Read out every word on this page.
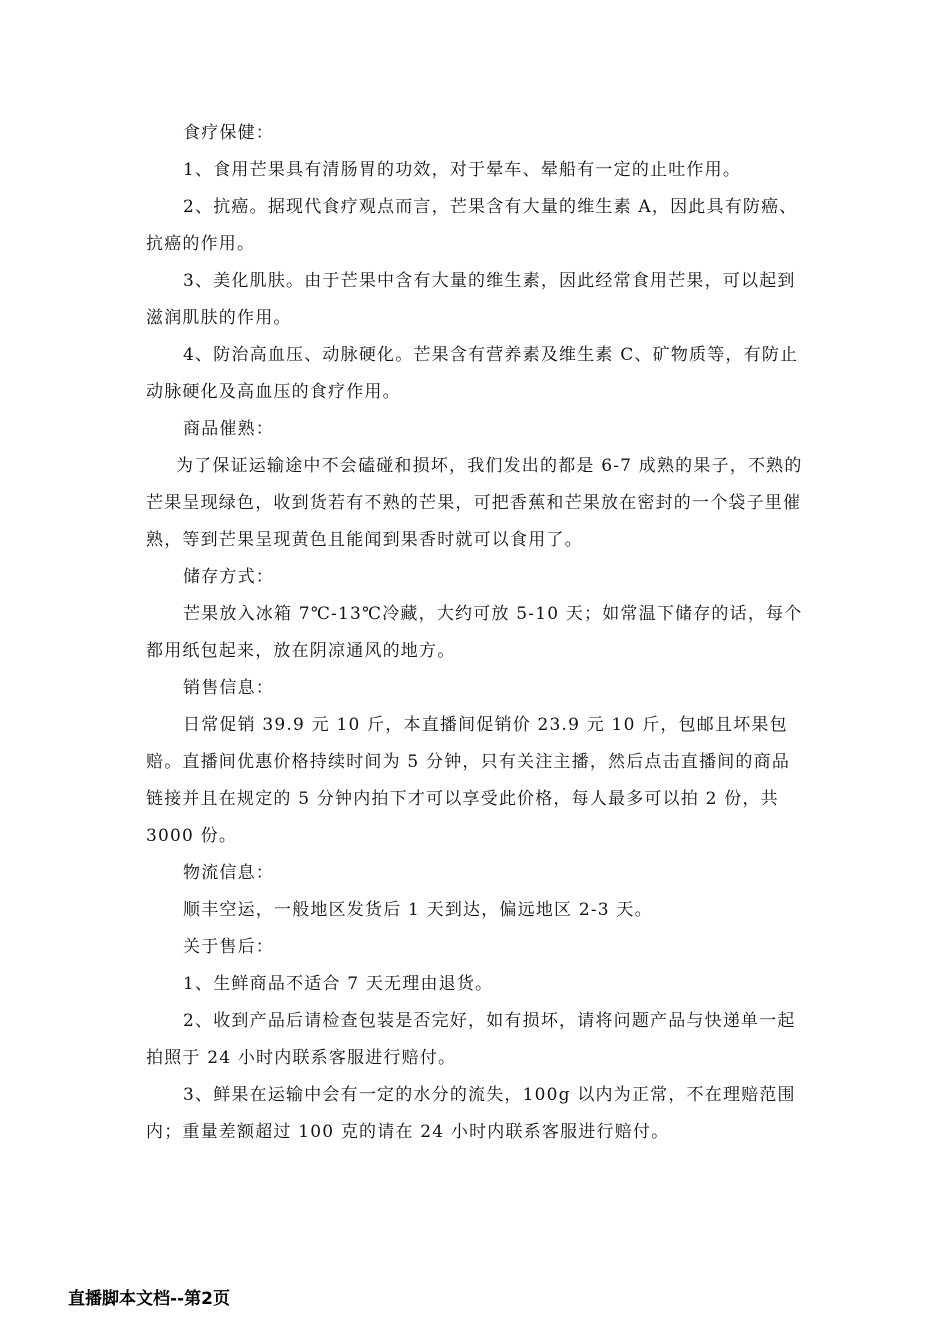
食疗保健：

1、食用芒果具有清肠胃的功效，对于晕车、晕船有一定的止吐作用。

2、抗癌。据现代食疗观点而言，芒果含有大量的维生素 A，因此具有防癌、抗癌的作用。

3、美化肌肤。由于芒果中含有大量的维生素，因此经常食用芒果，可以起到滋润肌肤的作用。

4、防治高血压、动脉硬化。芒果含有营养素及维生素 C、矿物质等，有防止动脉硬化及高血压的食疗作用。

商品催熟：

为了保证运输途中不会磕碰和损坏，我们发出的都是 6-7 成熟的果子，不熟的芒果呈现绿色，收到货若有不熟的芒果，可把香蕉和芒果放在密封的一个袋子里催熟，等到芒果呈现黄色且能闻到果香时就可以食用了。

储存方式：

芒果放入冰箱 7℃-13℃冷藏，大约可放 5-10 天；如常温下储存的话，每个都用纸包起来，放在阴凉通风的地方。

销售信息：

日常促销 39.9 元 10 斤，本直播间促销价 23.9 元 10 斤，包邮且坏果包赔。直播间优惠价格持续时间为 5 分钟，只有关注主播，然后点击直播间的商品链接并且在规定的 5 分钟内拍下才可以享受此价格，每人最多可以拍 2 份，共 3000 份。

物流信息：

顺丰空运，一般地区发货后 1 天到达，偏远地区 2-3 天。

关于售后：

1、生鲜商品不适合 7 天无理由退货。

2、收到产品后请检查包装是否完好，如有损坏，请将问题产品与快递单一起拍照于 24 小时内联系客服进行赔付。

3、鲜果在运输中会有一定的水分的流失，100g 以内为正常，不在理赔范围内；重量差额超过 100 克的请在 24 小时内联系客服进行赔付。

直播脚本文档--第2页
